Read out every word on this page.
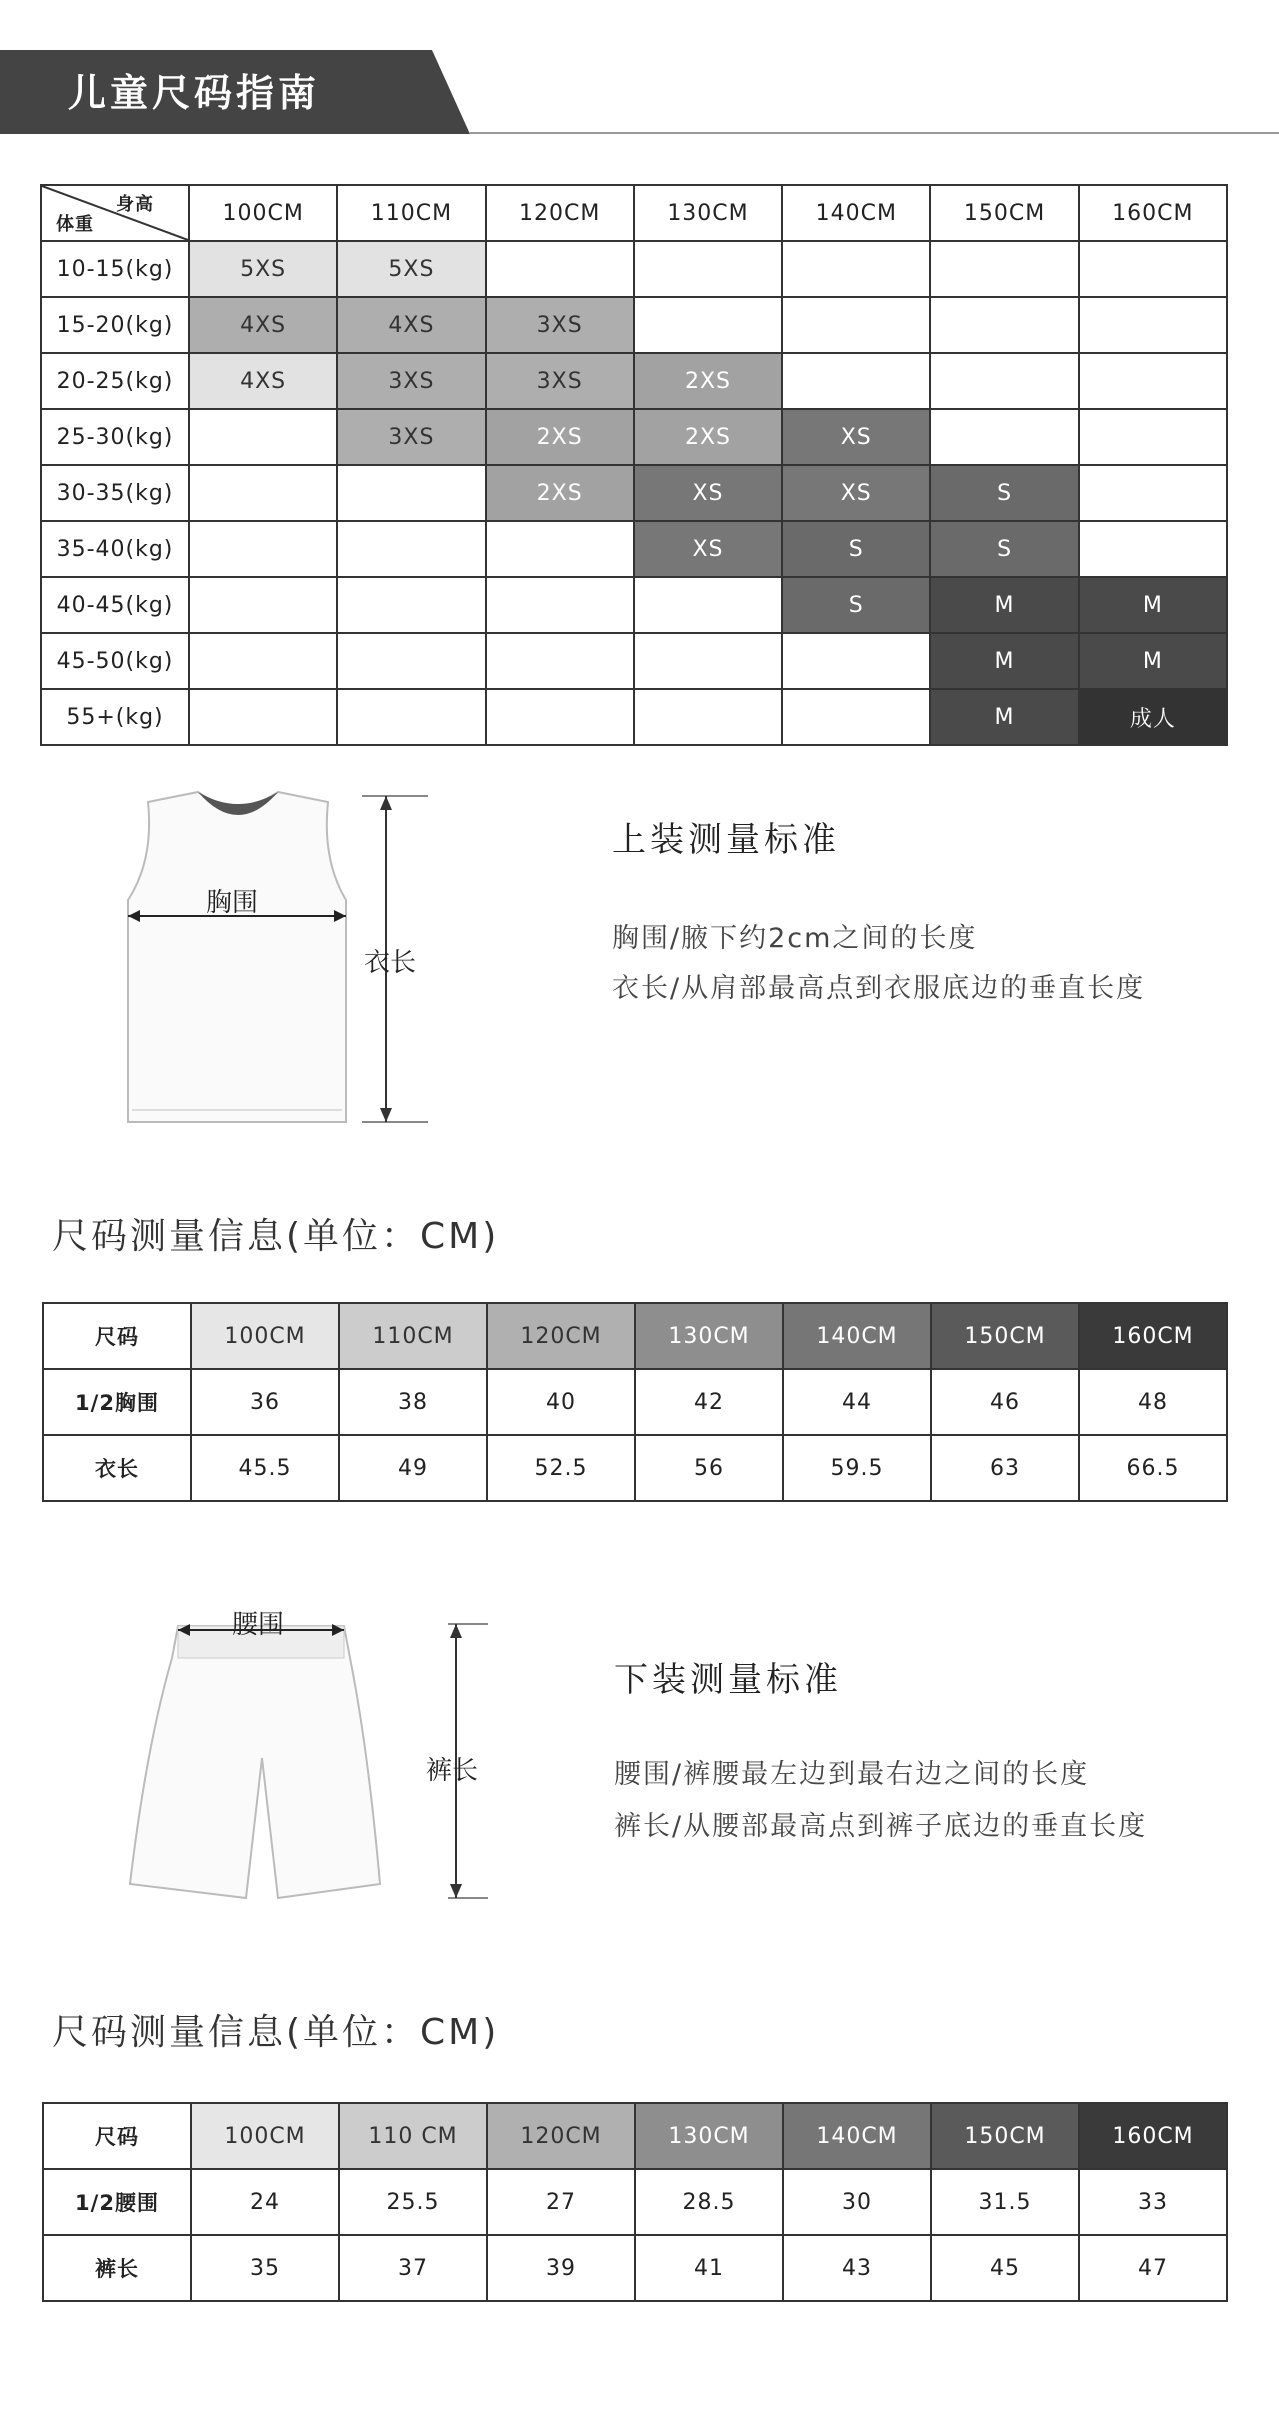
儿童尺码指南
身高
体重	100CM	110CM	120CM	130CM	140CM	150CM	160CM
10-15(kg)	5XS	5XS					
15-20(kg)	4XS	4XS	3XS				
20-25(kg)	4XS	3XS	3XS	2XS			
25-30(kg)		3XS	2XS	2XS	XS		
30-35(kg)			2XS	XS	XS	S	
35-40(kg)				XS	S	S	
40-45(kg)					S	M	M
45-50(kg)						M	M
55+(kg)						M	成人
胸围
衣长
上装测量标准
胸围/腋下约2cm之间的长度
衣长/从肩部最高点到衣服底边的垂直长度
尺码测量信息(单位：CM)
尺码	100CM	110CM	120CM	130CM	140CM	150CM	160CM
1/2胸围	36	38	40	42	44	46	48
衣长	45.5	49	52.5	56	59.5	63	66.5
腰围
裤长
下装测量标准
腰围/裤腰最左边到最右边之间的长度
裤长/从腰部最高点到裤子底边的垂直长度
尺码测量信息(单位：CM)
尺码	100CM	110 CM	120CM	130CM	140CM	150CM	160CM
1/2腰围	24	25.5	27	28.5	30	31.5	33
裤长	35	37	39	41	43	45	47
